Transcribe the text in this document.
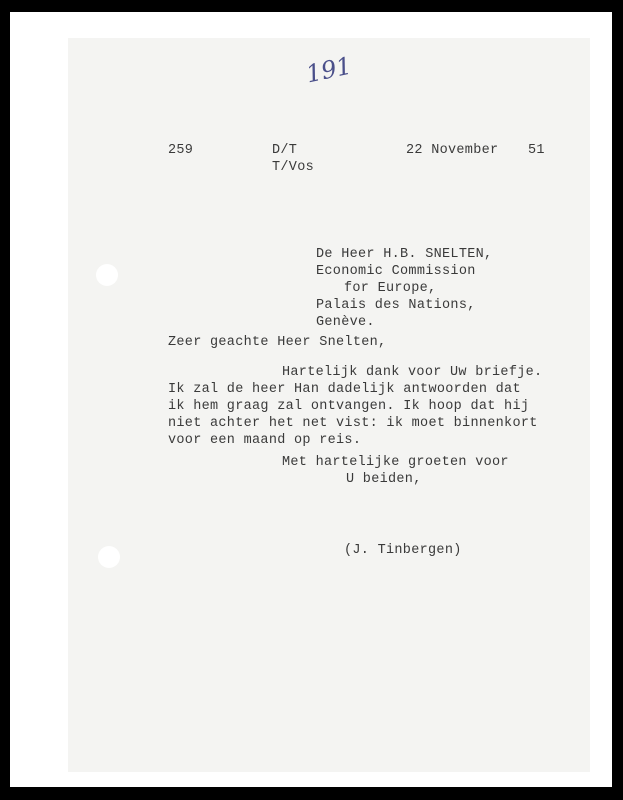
191
259	D/T
T/Vos
22 November 51
De Heer H.B. SNELTEN,
Economic Commission
for Europe,
Palais des Nations,
Genève.
Zeer geachte Heer Snelten,
Hartelijk dank voor Uw briefje.
Ik zal de heer Han dadelijk antwoorden dat
ik hem graag zal ontvangen. Ik hoop dat hij
niet achter het net vist: ik moet binnenkort
voor een maand op reis.
Met hartelijke groeten voor
U beiden,
(J. Tinbergen)
